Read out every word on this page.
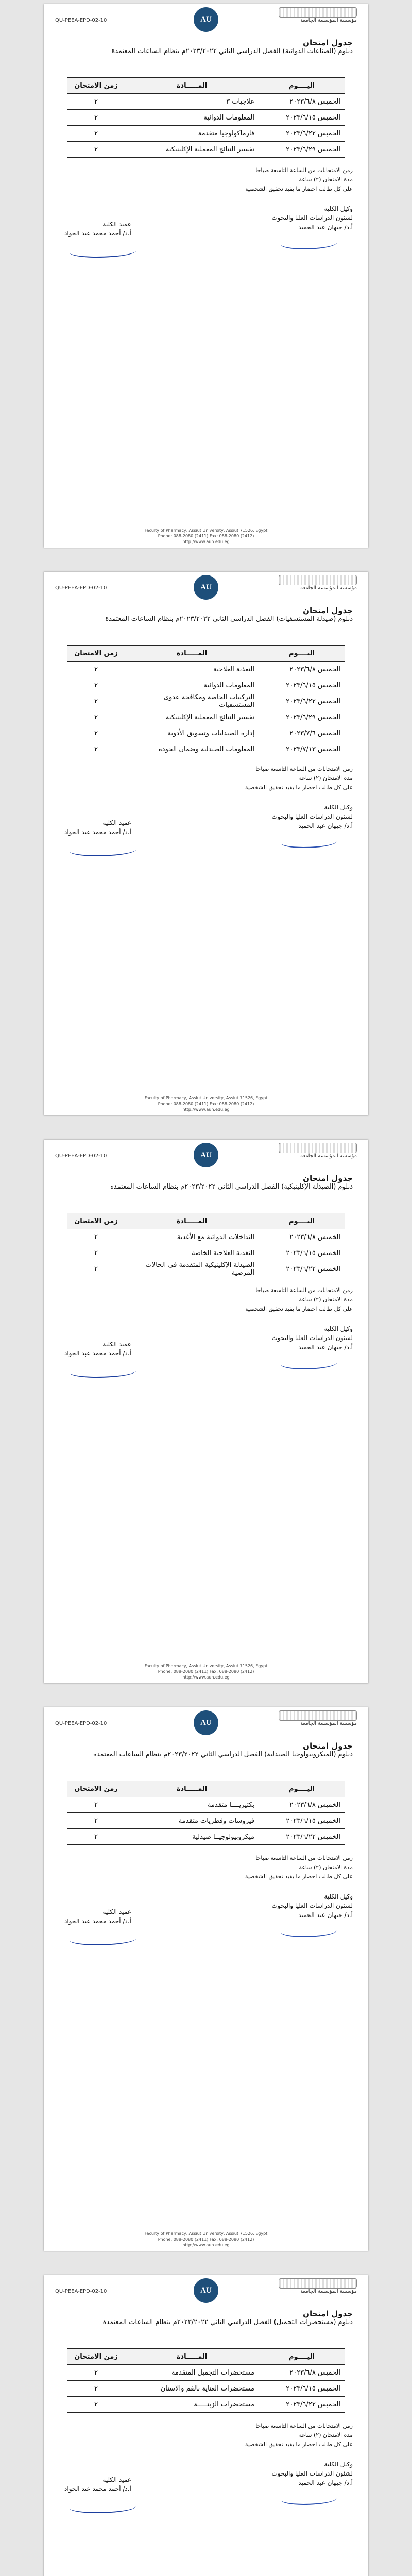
QU-PEEA-EPD-02-10	مؤسسة المؤسسة الجامعة
AU
جدول امتحان
دبلوم (الصناعات الدوائية) الفصل الدراسي الثاني ٢٠٢٣/٢٠٢٢م بنظام الساعات المعتمدة
اليــــوم	المـــــادة	زمن الامتحان
الخميس ٢٠٢٣/٦/٨	علاجيات ٣	٢
الخميس ٢٠٢٣/٦/١٥	المعلومات الدوائية	٢
الخميس ٢٠٢٣/٦/٢٢	فارماكولوجيا متقدمة	٢
الخميس ٢٠٢٣/٦/٢٩	تفسير النتائج المعملية الإكلينيكية	٢
زمن الامتحانات من الساعة التاسعة صباحا
مدة الامتحان (٢) ساعة
على كل طالب احضار ما يفيد تحقيق الشخصية
وكيل الكلية
لشئون الدراسات العليا والبحوث
أ.د/ جيهان عبد الحميد
عميد الكلية
أ.د/ أحمد محمد عبد الجواد
Faculty of Pharmacy, Assiut University, Assiut 71526, Egypt
Phone: 088-2080 (2411) Fax: 088-2080 (2412)
http://www.aun.edu.eg
QU-PEEA-EPD-02-10	مؤسسة المؤسسة الجامعة
AU
جدول امتحان
دبلوم (صيدلة المستشفيات) الفصل الدراسي الثاني ٢٠٢٣/٢٠٢٢م بنظام الساعات المعتمدة
اليــــوم	المـــــادة	زمن الامتحان
الخميس ٢٠٢٣/٦/٨	التغذية العلاجية	٢
الخميس ٢٠٢٣/٦/١٥	المعلومات الدوائية	٢
الخميس ٢٠٢٣/٦/٢٢	التركيبات الخاصة ومكافحة عدوى المستشفيات	٢
الخميس ٢٠٢٣/٦/٢٩	تفسير النتائج المعملية الإكلينيكية	٢
الخميس ٢٠٢٣/٧/٦	إدارة الصيدليات وتسويق الأدوية	٢
الخميس ٢٠٢٣/٧/١٣	المعلومات الصيدلية وضمان الجودة	٢
زمن الامتحانات من الساعة التاسعة صباحا
مدة الامتحان (٢) ساعة
على كل طالب احضار ما يفيد تحقيق الشخصية
وكيل الكلية
لشئون الدراسات العليا والبحوث
أ.د/ جيهان عبد الحميد
عميد الكلية
أ.د/ أحمد محمد عبد الجواد
Faculty of Pharmacy, Assiut University, Assiut 71526, Egypt
Phone: 088-2080 (2411) Fax: 088-2080 (2412)
http://www.aun.edu.eg
QU-PEEA-EPD-02-10	مؤسسة المؤسسة الجامعة
AU
جدول امتحان
دبلوم (الصيدلة الإكلينيكية) الفصل الدراسي الثاني ٢٠٢٣/٢٠٢٢م بنظام الساعات المعتمدة
اليــــوم	المـــــادة	زمن الامتحان
الخميس ٢٠٢٣/٦/٨	التداخلات الدوائية مع الأغذية	٢
الخميس ٢٠٢٣/٦/١٥	التغذية العلاجية الخاصة	٢
الخميس ٢٠٢٣/٦/٢٢	الصيدلة الإكلينيكية المتقدمة في الحالات المرضية	٢
زمن الامتحانات من الساعة التاسعة صباحا
مدة الامتحان (٢) ساعة
على كل طالب احضار ما يفيد تحقيق الشخصية
وكيل الكلية
لشئون الدراسات العليا والبحوث
أ.د/ جيهان عبد الحميد
عميد الكلية
أ.د/ أحمد محمد عبد الجواد
Faculty of Pharmacy, Assiut University, Assiut 71526, Egypt
Phone: 088-2080 (2411) Fax: 088-2080 (2412)
http://www.aun.edu.eg
QU-PEEA-EPD-02-10	مؤسسة المؤسسة الجامعة
AU
جدول امتحان
دبلوم (الميكروبيولوجيا الصيدلية) الفصل الدراسي الثاني ٢٠٢٣/٢٠٢٢م بنظام الساعات المعتمدة
اليــــوم	المـــــادة	زمن الامتحان
الخميس ٢٠٢٣/٦/٨	بكتيريــــا متقدمة	٢
الخميس ٢٠٢٣/٦/١٥	فيروسات وفطريات متقدمة	٢
الخميس ٢٠٢٣/٦/٢٢	ميكروبيولوجيــا صيدلية	٢
زمن الامتحانات من الساعة التاسعة صباحا
مدة الامتحان (٢) ساعة
على كل طالب احضار ما يفيد تحقيق الشخصية
وكيل الكلية
لشئون الدراسات العليا والبحوث
أ.د/ جيهان عبد الحميد
عميد الكلية
أ.د/ أحمد محمد عبد الجواد
Faculty of Pharmacy, Assiut University, Assiut 71526, Egypt
Phone: 088-2080 (2411) Fax: 088-2080 (2412)
http://www.aun.edu.eg
QU-PEEA-EPD-02-10	مؤسسة المؤسسة الجامعة
AU
جدول امتحان
دبلوم (مستحضرات التجميل) الفصل الدراسي الثاني ٢٠٢٣/٢٠٢٢م بنظام الساعات المعتمدة
اليــــوم	المـــــادة	زمن الامتحان
الخميس ٢٠٢٣/٦/٨	مستحضرات التجميل المتقدمة	٢
الخميس ٢٠٢٣/٦/١٥	مستحضرات العناية بالفم والاسنان	٢
الخميس ٢٠٢٣/٦/٢٢	مستحضرات الزينـــــة	٢
زمن الامتحانات من الساعة التاسعة صباحا
مدة الامتحان (٢) ساعة
على كل طالب احضار ما يفيد تحقيق الشخصية
وكيل الكلية
لشئون الدراسات العليا والبحوث
أ.د/ جيهان عبد الحميد
عميد الكلية
أ.د/ أحمد محمد عبد الجواد
